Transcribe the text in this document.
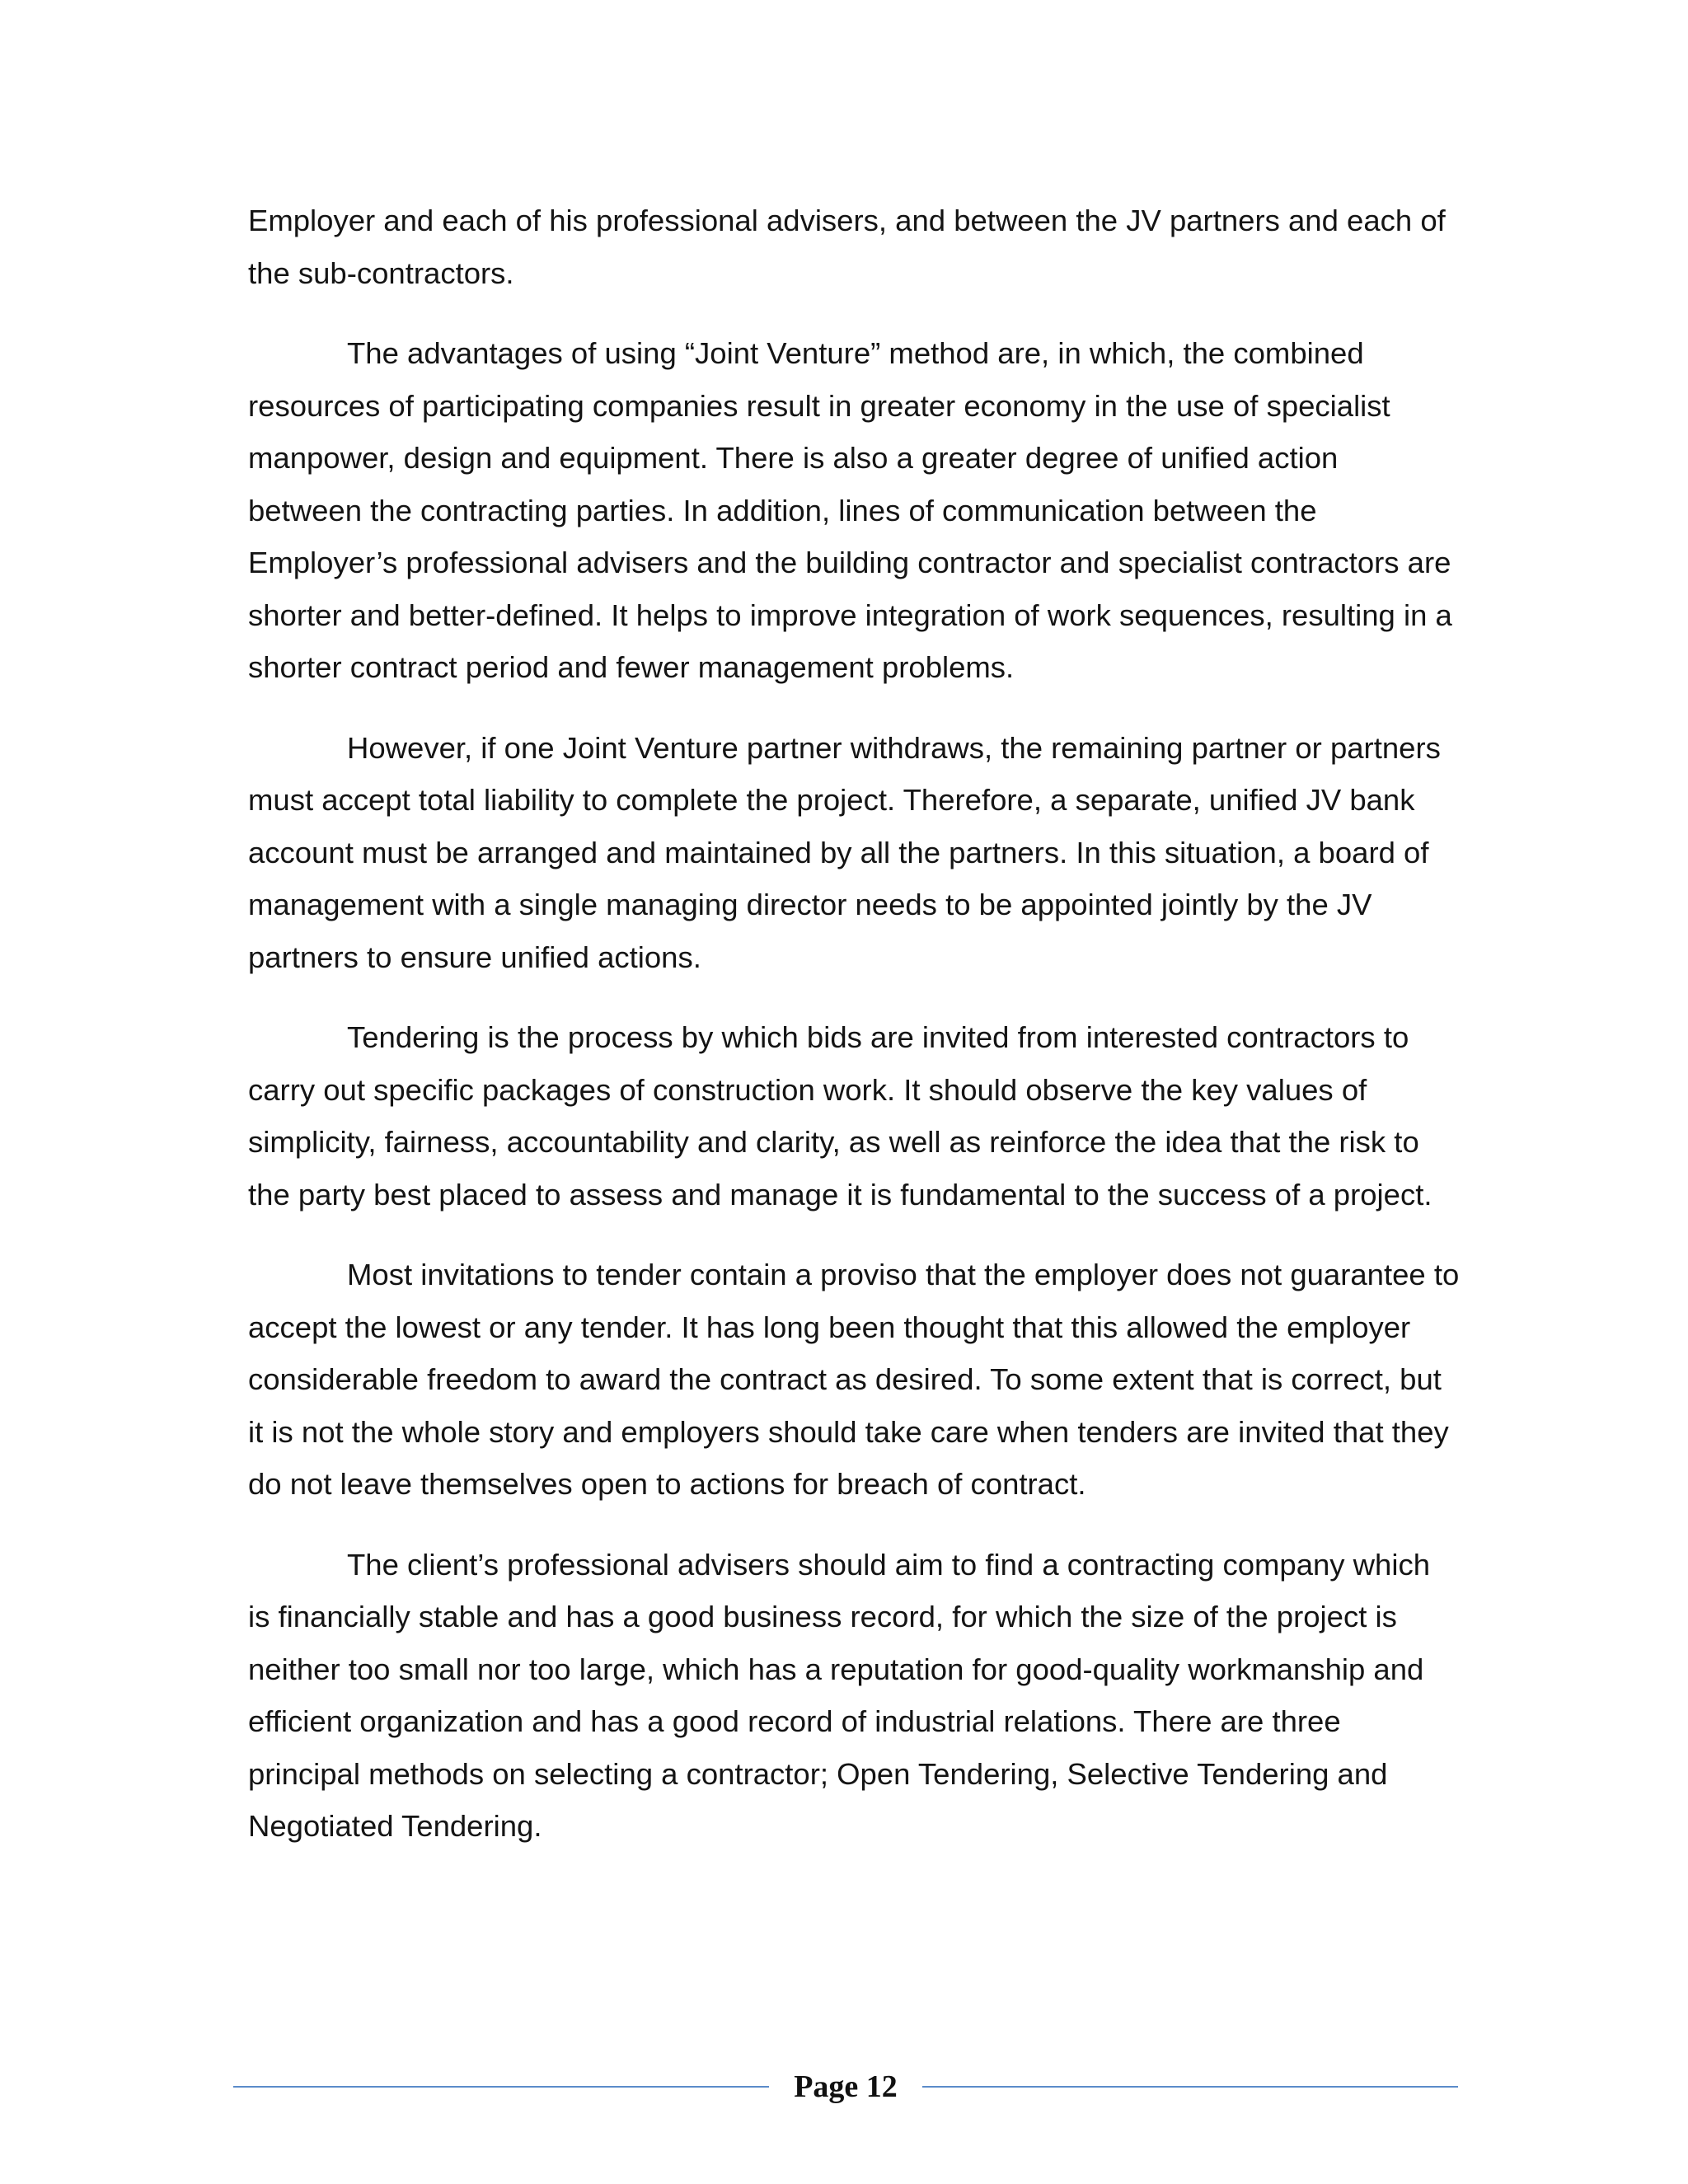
Employer and each of his professional advisers, and between the JV partners and each of the sub-contractors.

The advantages of using “Joint Venture” method are, in which, the combined resources of participating companies result in greater economy in the use of specialist manpower, design and equipment. There is also a greater degree of unified action between the contracting parties. In addition, lines of communication between the Employer’s professional advisers and the building contractor and specialist contractors are shorter and better-defined. It helps to improve integration of work sequences, resulting in a shorter contract period and fewer management problems.

However, if one Joint Venture partner withdraws, the remaining partner or partners must accept total liability to complete the project. Therefore, a separate, unified JV bank account must be arranged and maintained by all the partners. In this situation, a board of management with a single managing director needs to be appointed jointly by the JV partners to ensure unified actions.

Tendering is the process by which bids are invited from interested contractors to carry out specific packages of construction work. It should observe the key values of simplicity, fairness, accountability and clarity, as well as reinforce the idea that the risk to the party best placed to assess and manage it is fundamental to the success of a project.

Most invitations to tender contain a proviso that the employer does not guarantee to accept the lowest or any tender. It has long been thought that this allowed the employer considerable freedom to award the contract as desired. To some extent that is correct, but it is not the whole story and employers should take care when tenders are invited that they do not leave themselves open to actions for breach of contract.

The client’s professional advisers should aim to find a contracting company which is financially stable and has a good business record, for which the size of the project is neither too small nor too large, which has a reputation for good-quality workmanship and efficient organization and has a good record of industrial relations. There are three principal methods on selecting a contractor; Open Tendering, Selective Tendering and Negotiated Tendering.

Page 12
